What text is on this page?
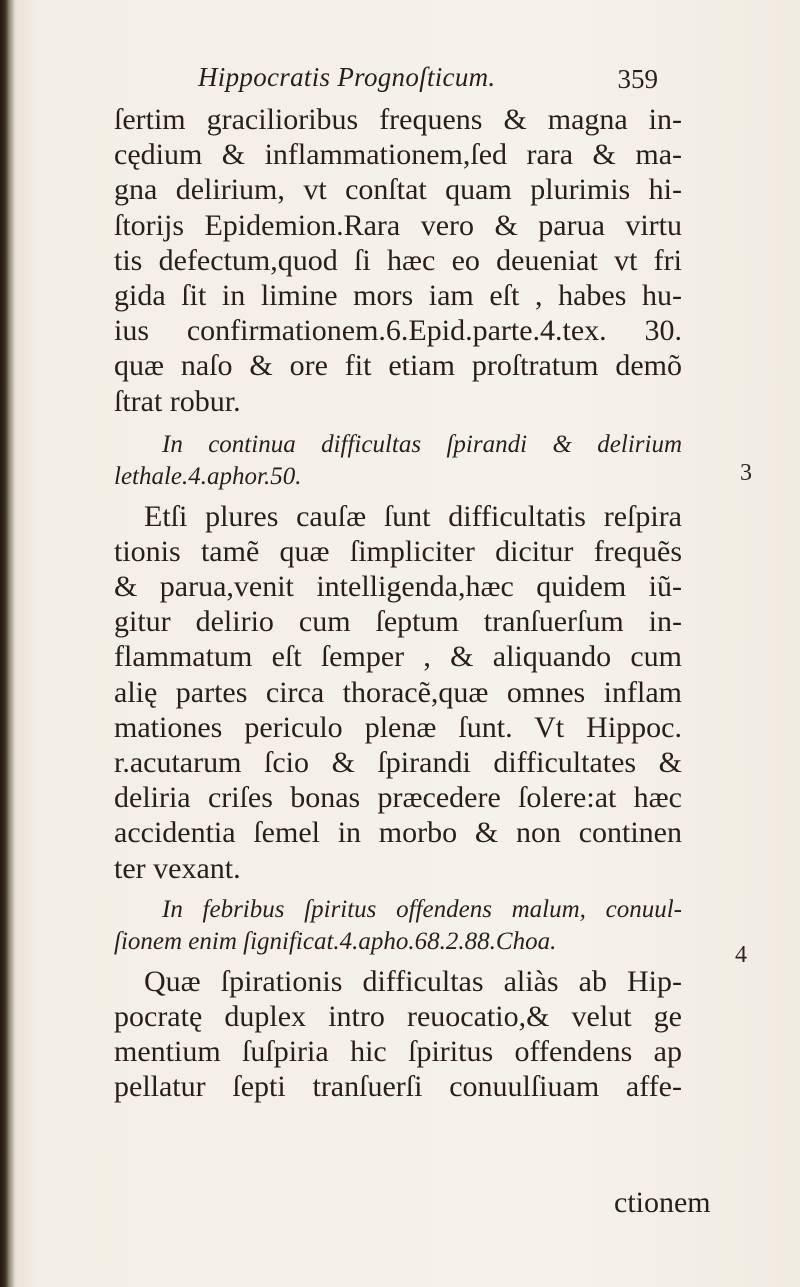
Hippocratis Prognoſticum.	359
ſertim gracilioribus frequens & magna in-
cędium & inflammationem,ſed rara & ma-
gna delirium, vt conſtat quam plurimis hi-
ſtorijs Epidemion.Rara vero & parua virtu
tis defectum,quod ſi hæc eo deueniat vt fri
gida ſit in limine mors iam eſt , habes hu-
ius confirmationem.6.Epid.parte.4.tex. 30.
quæ naſo & ore fit etiam proſtratum demõ
ſtrat robur.
In continua difficultas ſpirandi & delirium
lethale.4.aphor.50.
Etſi plures cauſæ ſunt difficultatis reſpira
tionis tamẽ quæ ſimpliciter dicitur frequẽs
& parua,venit intelligenda,hæc quidem iũ-
gitur delirio cum ſeptum tranſuerſum in-
flammatum eſt ſemper , & aliquando cum
alię partes circa thoracẽ,quæ omnes inflam
mationes periculo plenæ ſunt. Vt Hippoc.
r.acutarum ſcio & ſpirandi difficultates &
deliria criſes bonas præcedere ſolere:at hæc
accidentia ſemel in morbo & non continen
ter vexant.
In febribus ſpiritus offendens malum, conuul-
ſionem enim ſignificat.4.apho.68.2.88.Choa.
Quæ ſpirationis difficultas aliàs ab Hip-
pocratę duplex intro reuocatio,& velut ge
mentium ſuſpiria hic ſpiritus offendens ap
pellatur ſepti tranſuerſi conuulſiuam affe-
ctionem
3
4
